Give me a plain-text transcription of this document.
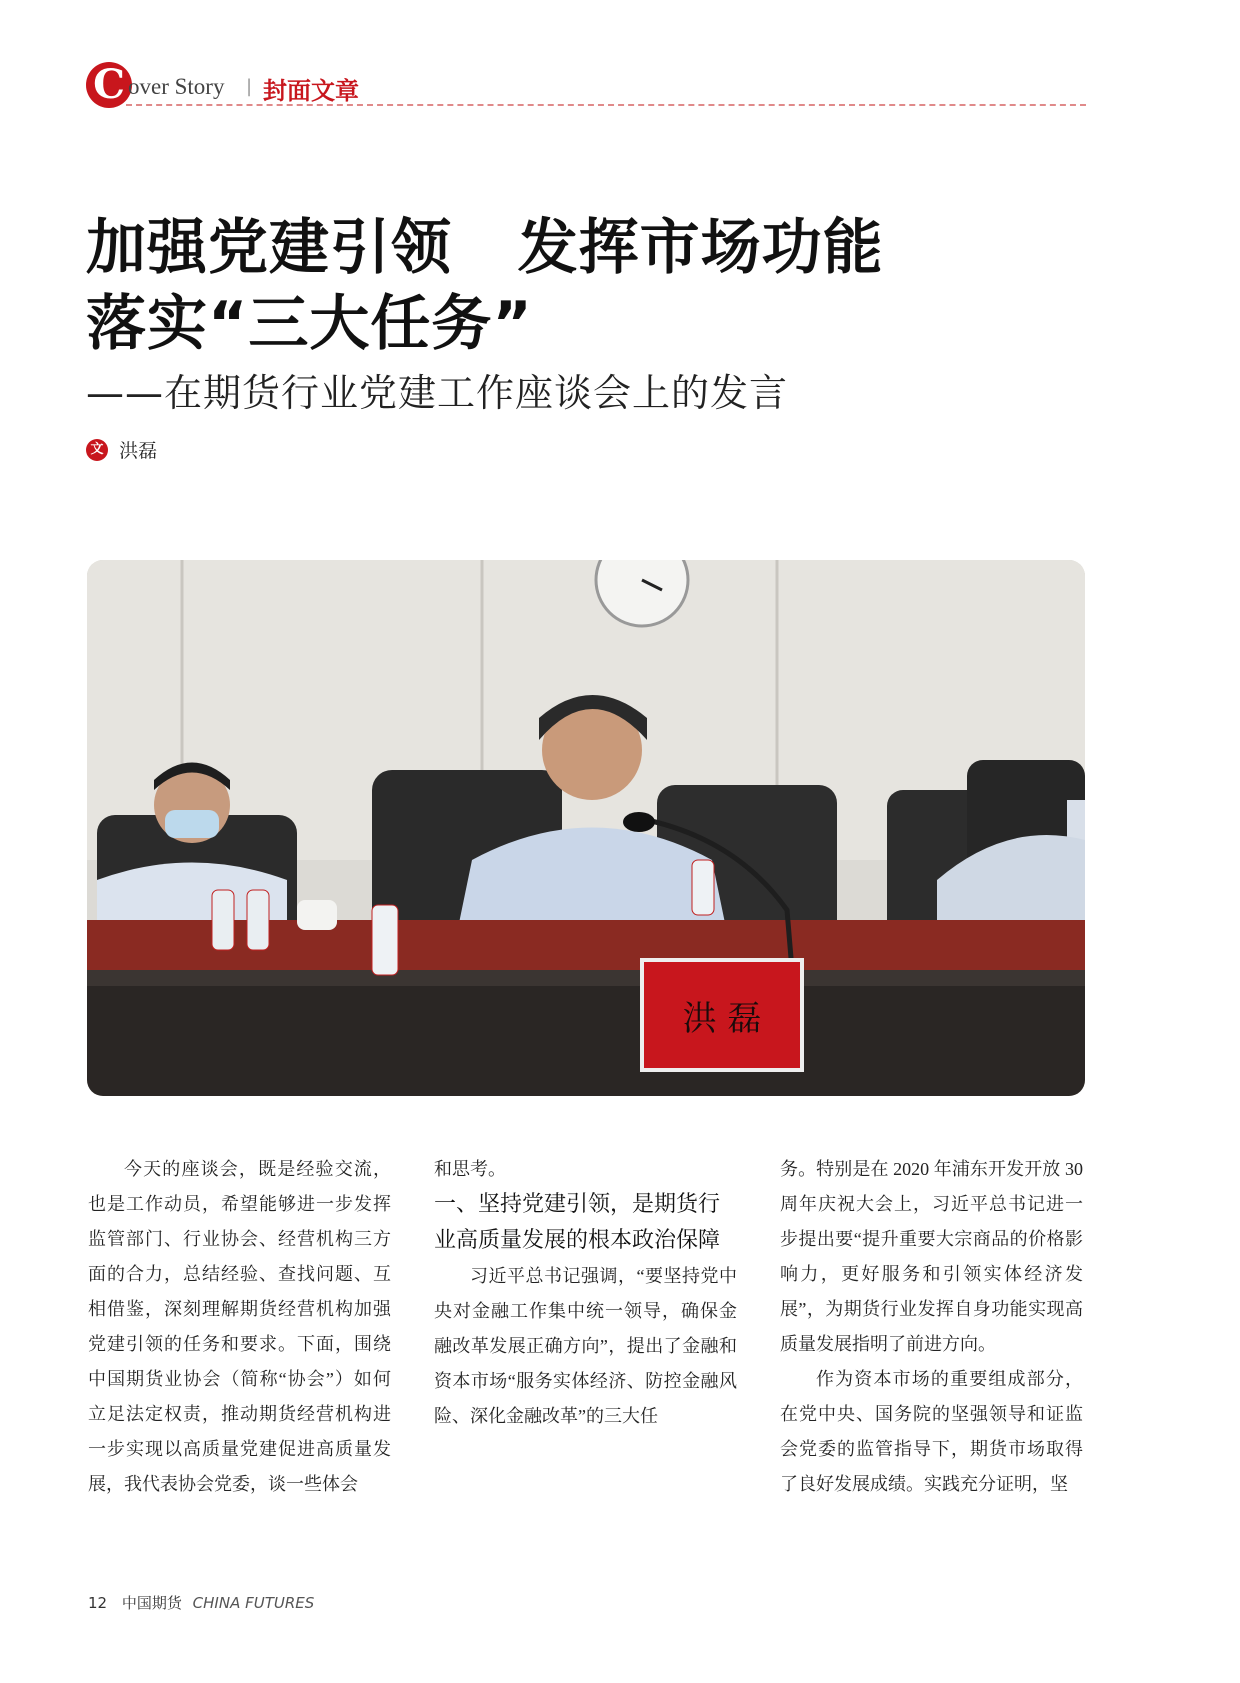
C over Story | 封面文章
加强党建引领   发挥市场功能
落实“三大任务”
——在期货行业党建工作座谈会上的发言
文 洪磊
洪 磊

今天的座谈会，既是经验交流，也是工作动员，希望能够进一步发挥监管部门、行业协会、经营机构三方面的合力，总结经验、查找问题、互相借鉴，深刻理解期货经营机构加强党建引领的任务和要求。下面，围绕中国期货业协会（简称“协会”）如何立足法定权责，推动期货经营机构进一步实现以高质量党建促进高质量发展，我代表协会党委，谈一些体会

和思考。

一、坚持党建引领，是期货行业高质量发展的根本政治保障

习近平总书记强调，“要坚持党中央对金融工作集中统一领导，确保金融改革发展正确方向”，提出了金融和资本市场“服务实体经济、防控金融风险、深化金融改革”的三大任

务。特别是在 2020 年浦东开发开放 30 周年庆祝大会上，习近平总书记进一步提出要“提升重要大宗商品的价格影响力，更好服务和引领实体经济发展”，为期货行业发挥自身功能实现高质量发展指明了前进方向。

作为资本市场的重要组成部分，在党中央、国务院的坚强领导和证监会党委的监管指导下，期货市场取得了良好发展成绩。实践充分证明，坚

12 中国期货 CHINA FUTURES
